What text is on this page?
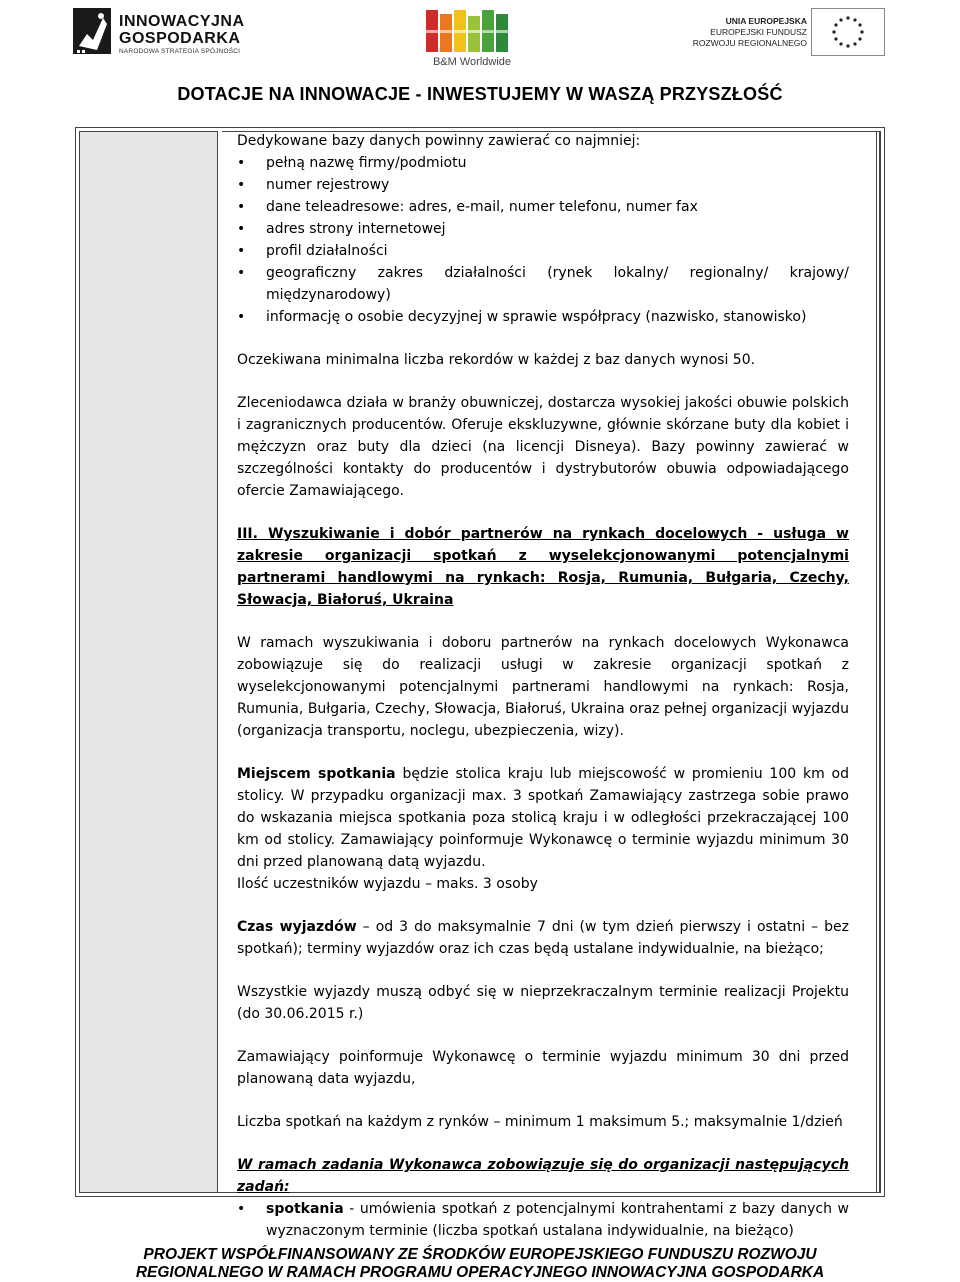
INNOWACYJNA
GOSPODARKA
NARODOWA STRATEGIA SPÓJNOŚCI
B&M Worldwide
UNIA EUROPEJSKA
EUROPEJSKI FUNDUSZ
ROZWOJU REGIONALNEGO
DOTACJE NA INNOWACJE - INWESTUJEMY W WASZĄ PRZYSZŁOŚĆ

Dedykowane bazy danych powinny zawierać co najmniej:

• pełną nazwę firmy/podmiotu
• numer rejestrowy
• dane teleadresowe: adres, e-mail, numer telefonu, numer fax
• adres strony internetowej
• profil działalności
• geograficzny zakres działalności (rynek lokalny/ regionalny/ krajowy/ międzynarodowy)
• informację o osobie decyzyjnej w sprawie współpracy (nazwisko, stanowisko)

Oczekiwana minimalna liczba rekordów w każdej z baz danych wynosi 50.

Zleceniodawca działa w branży obuwniczej, dostarcza wysokiej jakości obuwie polskich i zagranicznych producentów. Oferuje ekskluzywne, głównie skórzane buty dla kobiet i mężczyzn oraz buty dla dzieci (na licencji Disneya). Bazy powinny zawierać w szczególności kontakty do producentów i dystrybutorów obuwia odpowiadającego ofercie Zamawiającego.

III. Wyszukiwanie i dobór partnerów na rynkach docelowych - usługa w zakresie organizacji spotkań z wyselekcjonowanymi potencjalnymi partnerami handlowymi na rynkach: Rosja, Rumunia, Bułgaria, Czechy, Słowacja, Białoruś, Ukraina

W ramach wyszukiwania i doboru partnerów na rynkach docelowych Wykonawca zobowiązuje się do realizacji usługi w zakresie organizacji spotkań z wyselekcjonowanymi potencjalnymi partnerami handlowymi na rynkach: Rosja, Rumunia, Bułgaria, Czechy, Słowacja, Białoruś, Ukraina oraz pełnej organizacji wyjazdu (organizacja transportu, noclegu, ubezpieczenia, wizy).

Miejscem spotkania będzie stolica kraju lub miejscowość w promieniu 100 km od stolicy. W przypadku organizacji max. 3 spotkań Zamawiający zastrzega sobie prawo do wskazania miejsca spotkania poza stolicą kraju i w odległości przekraczającej 100 km od stolicy. Zamawiający poinformuje Wykonawcę o terminie wyjazdu minimum 30 dni przed planowaną datą wyjazdu.

Ilość uczestników wyjazdu – maks. 3 osoby

Czas wyjazdów – od 3 do maksymalnie 7 dni (w tym dzień pierwszy i ostatni – bez spotkań); terminy wyjazdów oraz ich czas będą ustalane indywidualnie, na bieżąco;

Wszystkie wyjazdy muszą odbyć się w nieprzekraczalnym terminie realizacji Projektu (do 30.06.2015 r.)

Zamawiający poinformuje Wykonawcę o terminie wyjazdu minimum 30 dni przed planowaną data wyjazdu,

Liczba spotkań na każdym z rynków – minimum 1 maksimum 5.; maksymalnie 1/dzień

W ramach zadania Wykonawca zobowiązuje się do organizacji następujących zadań:

• spotkania - umówienia spotkań z potencjalnymi kontrahentami z bazy danych w wyznaczonym terminie (liczba spotkań ustalana indywidualnie, na bieżąco)
PROJEKT WSPÓŁFINANSOWANY ZE ŚRODKÓW EUROPEJSKIEGO FUNDUSZU ROZWOJU
REGIONALNEGO W RAMACH PROGRAMU OPERACYJNEGO INNOWACYJNA GOSPODARKA
